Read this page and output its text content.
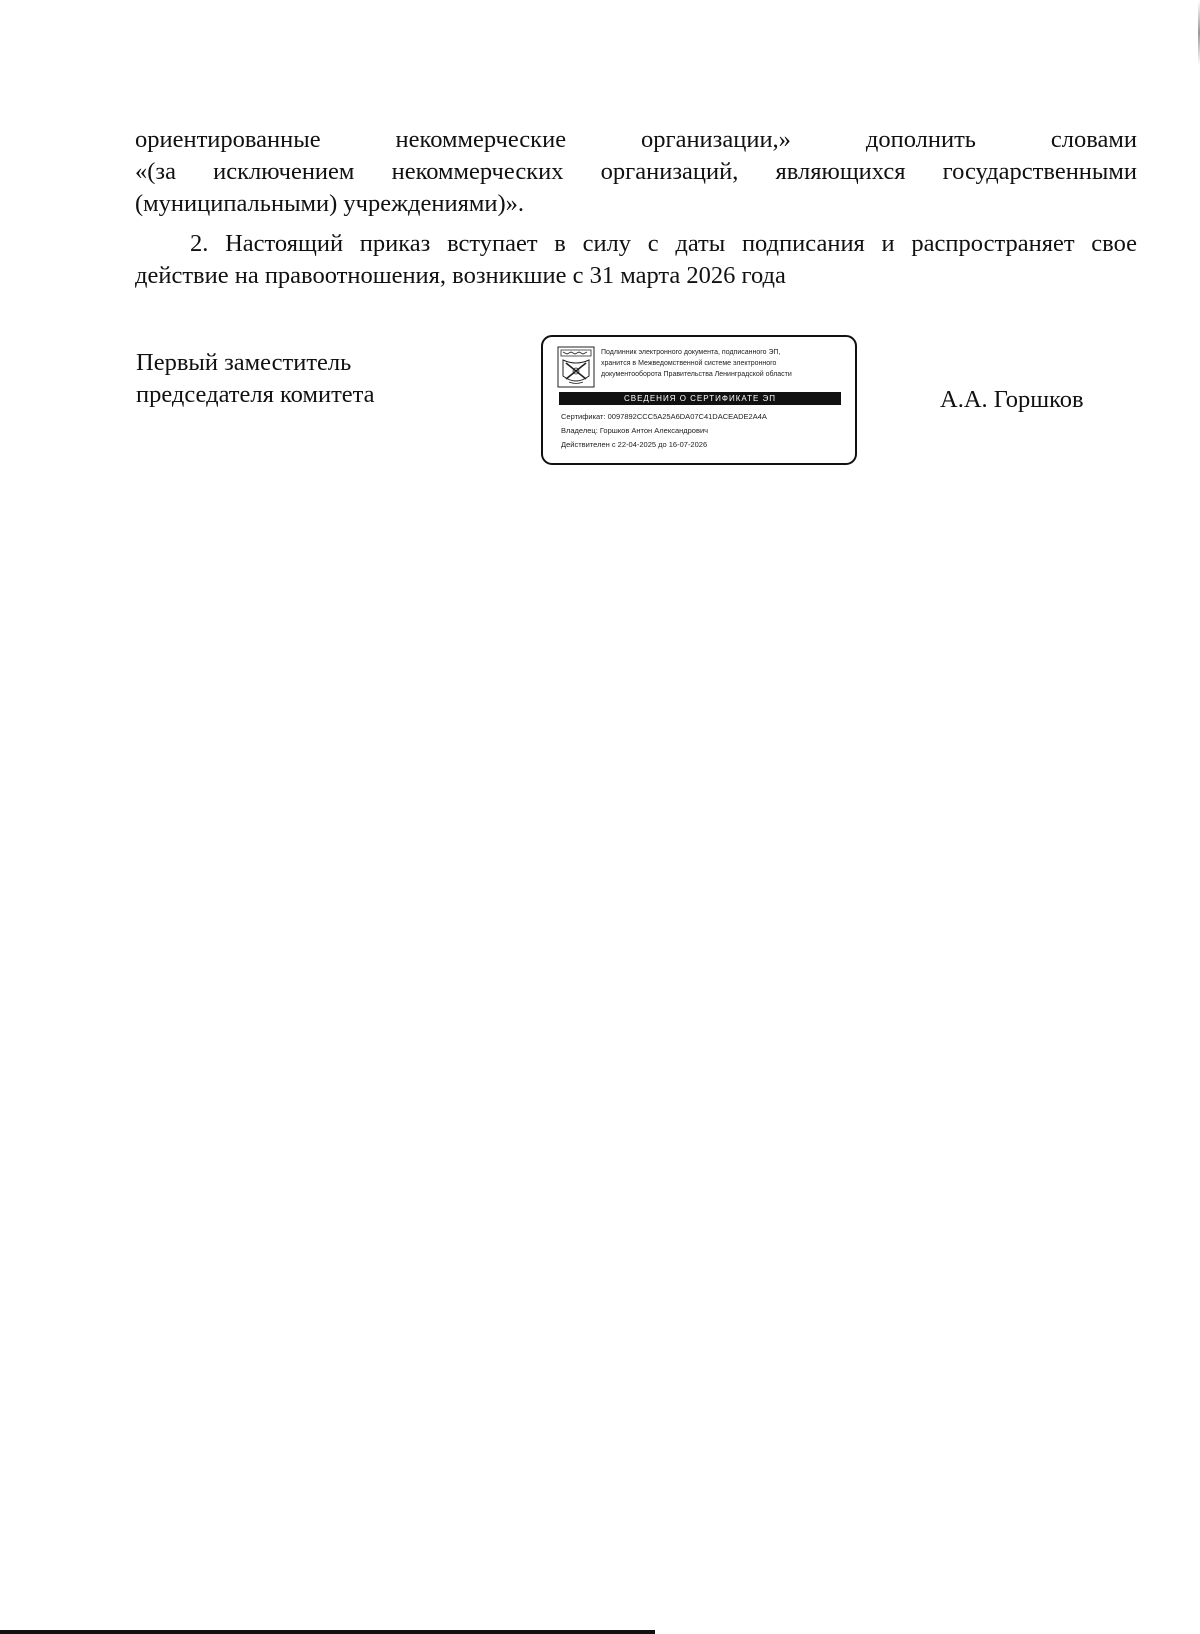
ориентированные некоммерческие организации,» дополнить словами
«(за исключением некоммерческих организаций, являющихся государственными
(муниципальными) учреждениями)».
2. Настоящий приказ вступает в силу с даты подписания и распространяет свое
действие на правоотношения, возникшие с 31 марта 2026 года
Первый заместитель
председателя комитета
Подлинник электронного документа, подписанного ЭП,
хранится в Межведомственной системе электронного
документооборота Правительства Ленинградской области
СВЕДЕНИЯ О СЕРТИФИКАТЕ ЭП
Сертификат: 0097892CCC5A25A6DA07C41DACEADE2A4A
Владелец: Горшков Антон Александрович
Действителен с 22-04-2025 до 16-07-2026
А.А. Горшков
